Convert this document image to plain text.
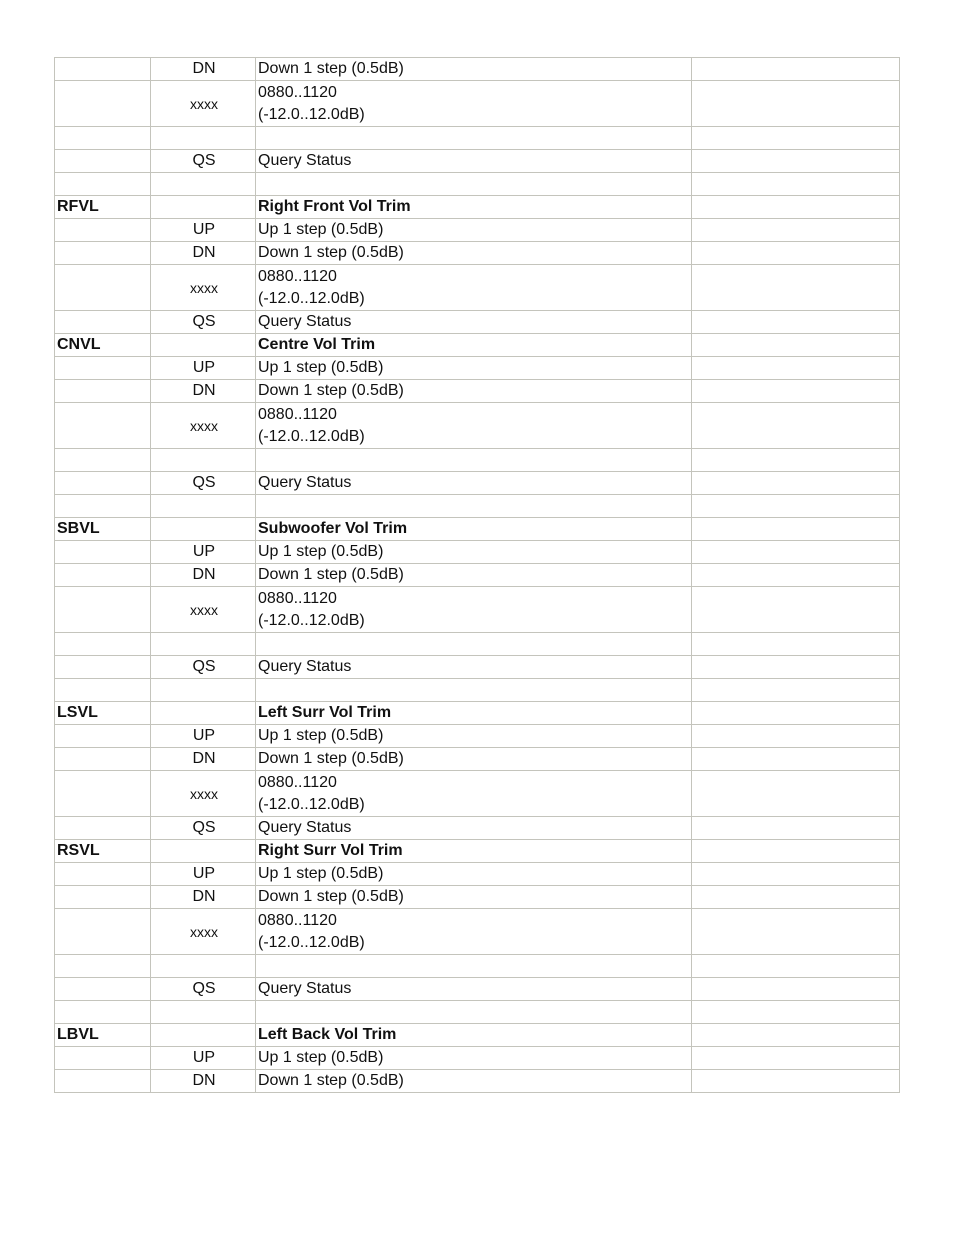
	DN	Down 1 step (0.5dB)	

	xxxx	0880..1120
(-12.0..12.0dB)	

	QS	Query Status	

RFVL		Right Front Vol Trim	

	UP	Up 1 step (0.5dB)	

	DN	Down 1 step (0.5dB)	

	xxxx	0880..1120
(-12.0..12.0dB)	

	QS	Query Status	

CNVL		Centre Vol Trim	

	UP	Up 1 step (0.5dB)	

	DN	Down 1 step (0.5dB)	

	xxxx	0880..1120
(-12.0..12.0dB)	

	QS	Query Status	

SBVL		Subwoofer Vol Trim	

	UP	Up 1 step (0.5dB)	

	DN	Down 1 step (0.5dB)	

	xxxx	0880..1120
(-12.0..12.0dB)	

	QS	Query Status	

LSVL		Left Surr Vol Trim	

	UP	Up 1 step (0.5dB)	

	DN	Down 1 step (0.5dB)	

	xxxx	0880..1120
(-12.0..12.0dB)	

	QS	Query Status	

RSVL		Right Surr Vol Trim	

	UP	Up 1 step (0.5dB)	

	DN	Down 1 step (0.5dB)	

	xxxx	0880..1120
(-12.0..12.0dB)	

	QS	Query Status	

LBVL		Left Back Vol Trim	

	UP	Up 1 step (0.5dB)	

	DN	Down 1 step (0.5dB)	
